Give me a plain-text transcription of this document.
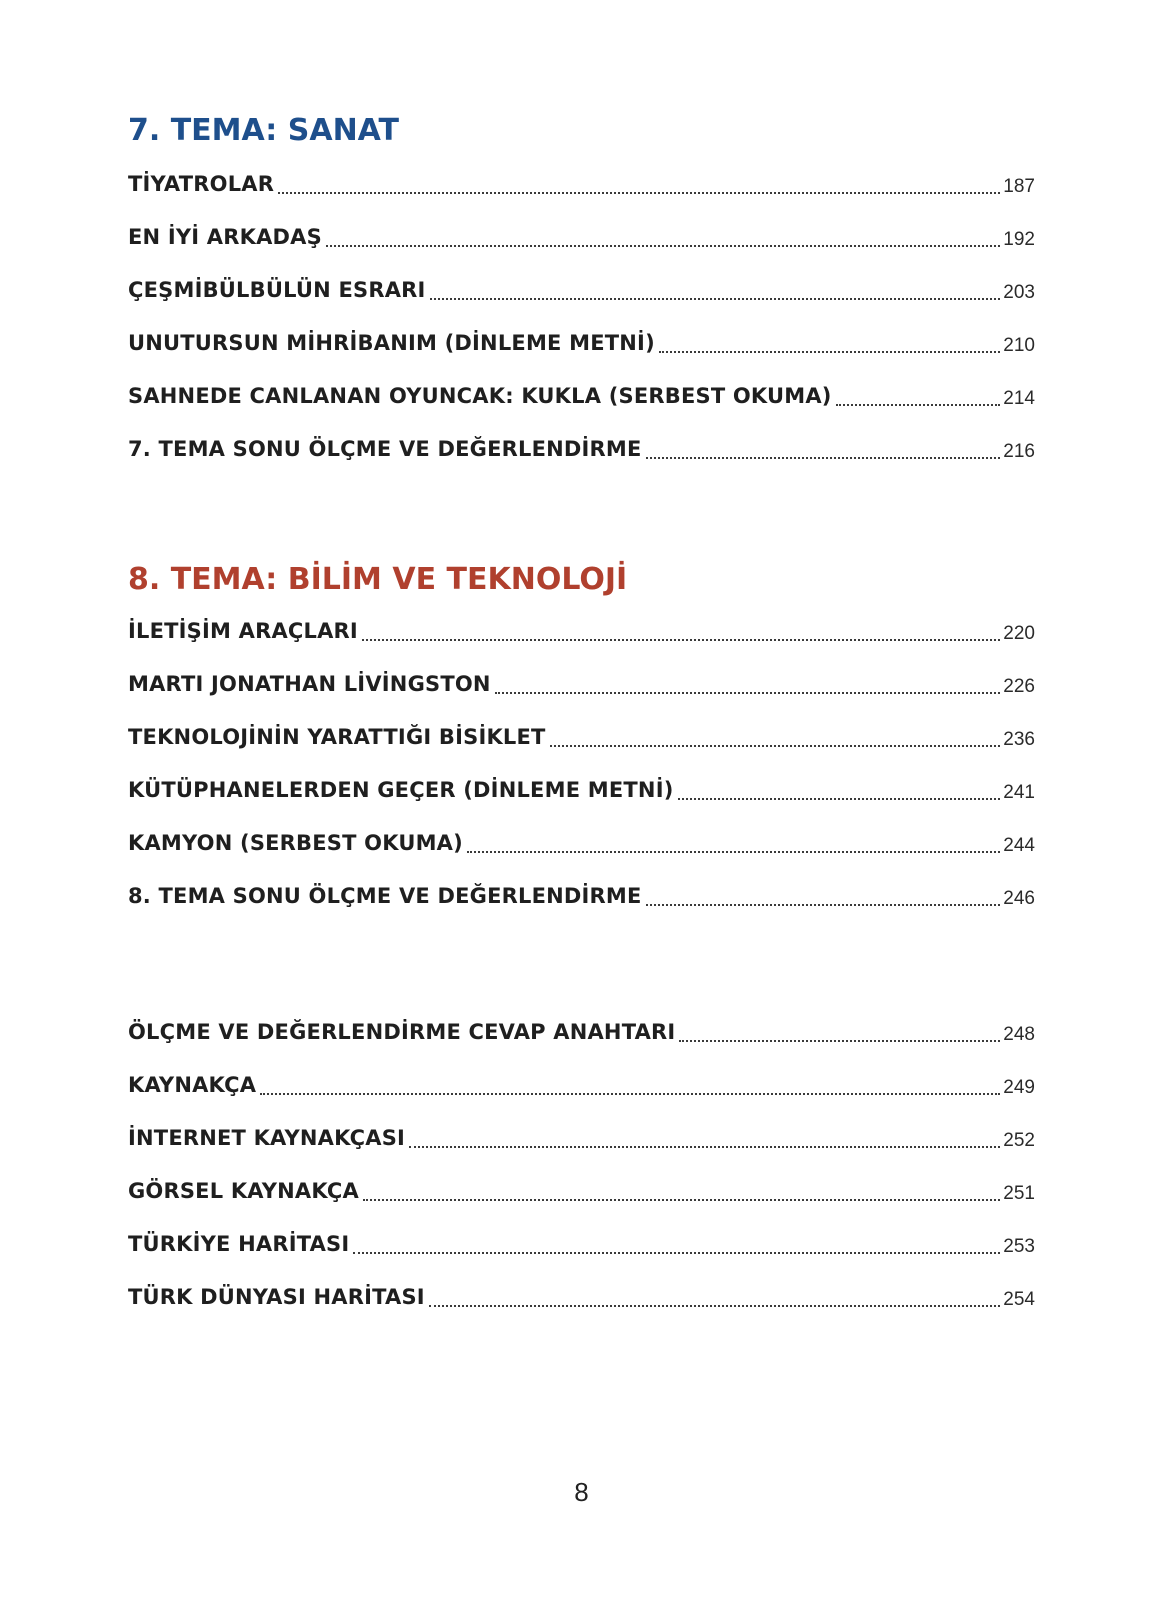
7. TEMA: SANAT
TİYATROLAR	187
EN İYİ ARKADAŞ	192
ÇEŞMİBÜLBÜLÜN ESRARI	203
UNUTURSUN MİHRİBANIM (DİNLEME METNİ)	210
SAHNEDE CANLANAN OYUNCAK: KUKLA (SERBEST OKUMA)	214
7. TEMA SONU ÖLÇME VE DEĞERLENDİRME	216
8. TEMA: BİLİM VE TEKNOLOJİ
İLETİŞİM ARAÇLARI	220
MARTI JONATHAN LİVİNGSTON	226
TEKNOLOJİNİN YARATTIĞI BİSİKLET	236
KÜTÜPHANELERDEN GEÇER (DİNLEME METNİ)	241
KAMYON (SERBEST OKUMA)	244
8. TEMA SONU ÖLÇME VE DEĞERLENDİRME	246
ÖLÇME VE DEĞERLENDİRME CEVAP ANAHTARI	248
KAYNAKÇA	249
İNTERNET KAYNAKÇASI	252
GÖRSEL KAYNAKÇA	251
TÜRKİYE HARİTASI	253
TÜRK DÜNYASI HARİTASI	254
8
